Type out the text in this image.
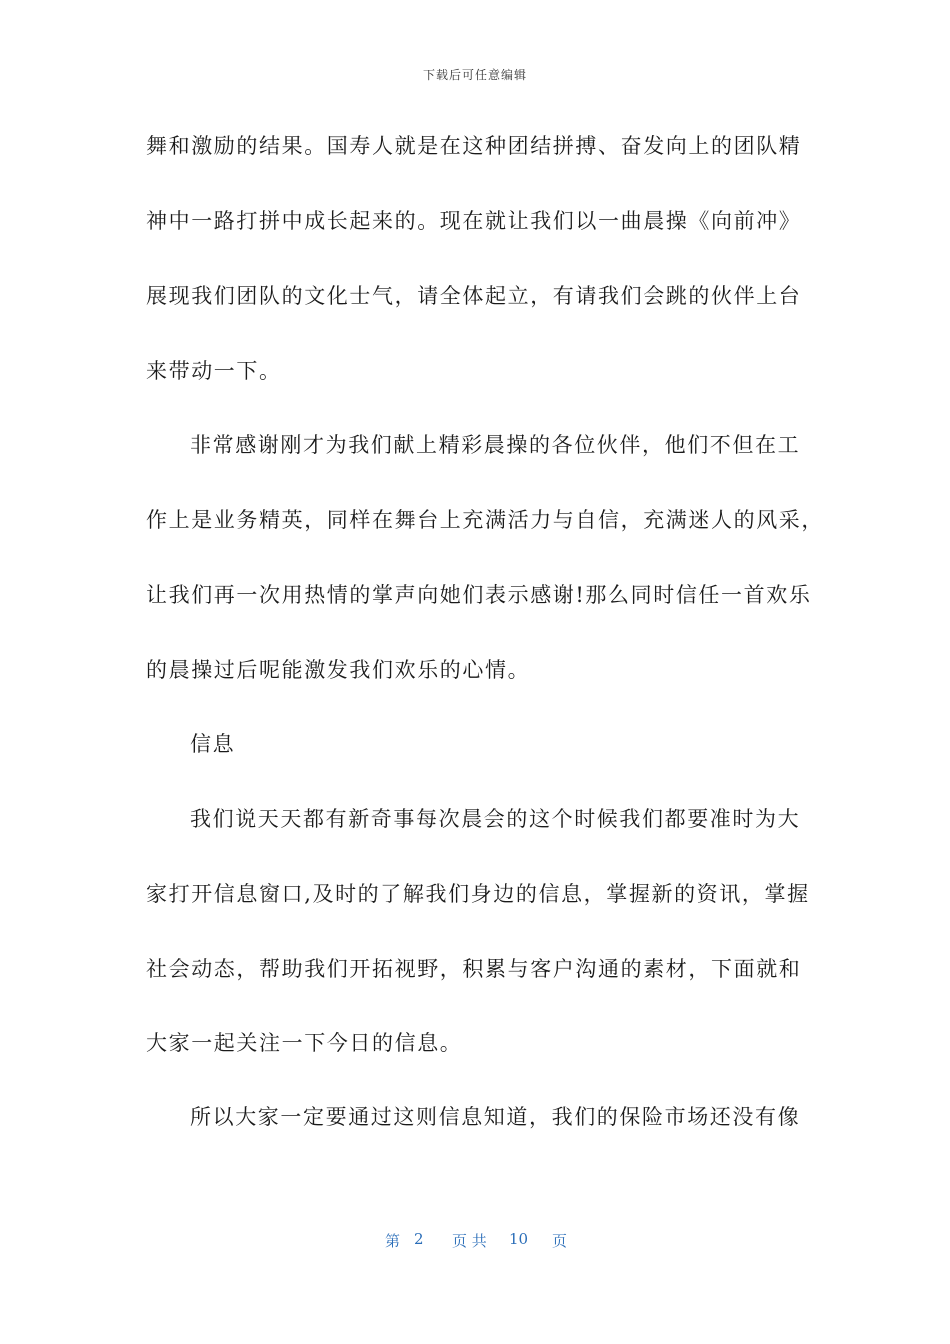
下载后可任意编辑
舞和激励的结果。国寿人就是在这种团结拼搏、奋发向上的团队精
神中一路打拼中成长起来的。现在就让我们以一曲晨操《向前冲》
展现我们团队的文化士气，请全体起立，有请我们会跳的伙伴上台
来带动一下。
非常感谢刚才为我们献上精彩晨操的各位伙伴，他们不但在工
作上是业务精英，同样在舞台上充满活力与自信，充满迷人的风采，
让我们再一次用热情的掌声向她们表示感谢!那么同时信任一首欢乐
的晨操过后呢能激发我们欢乐的心情。
信息
我们说天天都有新奇事每次晨会的这个时候我们都要准时为大
家打开信息窗口,及时的了解我们身边的信息，掌握新的资讯，掌握
社会动态，帮助我们开拓视野，积累与客户沟通的素材，下面就和
大家一起关注一下今日的信息。
所以大家一定要通过这则信息知道，我们的保险市场还没有像
第 2 页 共 10 页
